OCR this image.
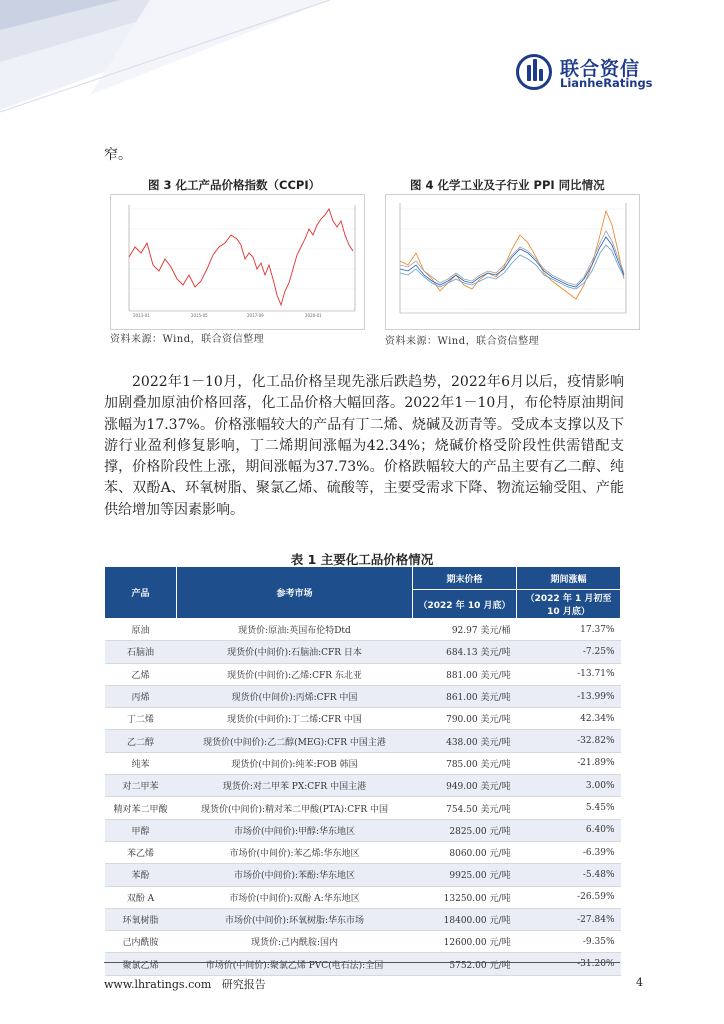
联合资信
LianheRatings
窄。
图 3 化工产品价格指数（CCPI）
2013-01	2015-05	2017-09	2020-01
资料来源：Wind，联合资信整理
图 4 化学工业及子行业 PPI 同比情况
资料来源：Wind，联合资信整理
2022年1－10月，化工品价格呈现先涨后跌趋势，2022年6月以后，疫情影响加剧叠加原油价格回落，化工品价格大幅回落。2022年1－10月，布伦特原油期间涨幅为17.37%。价格涨幅较大的产品有丁二烯、烧碱及沥青等。受成本支撑以及下游行业盈利修复影响，丁二烯期间涨幅为42.34%；烧碱价格受阶段性供需错配支撑，价格阶段性上涨，期间涨幅为37.73%。价格跌幅较大的产品主要有乙二醇、纯苯、双酚A、环氧树脂、聚氯乙烯、硫酸等，主要受需求下降、物流运输受阻、产能供给增加等因素影响。
表 1 主要化工品价格情况
产品	参考市场	期末价格	期间涨幅
		（2022 年 10 月底）	（2022 年 1 月初至 10 月底）
原油	现货价:原油:英国布伦特Dtd	92.97 美元/桶	17.37%
石脑油	现货价(中间价):石脑油:CFR 日本	684.13 美元/吨	-7.25%
乙烯	现货价(中间价):乙烯:CFR 东北亚	881.00 美元/吨	-13.71%
丙烯	现货价(中间价):丙烯:CFR 中国	861.00 美元/吨	-13.99%
丁二烯	现货价(中间价):丁二烯:CFR 中国	790.00 美元/吨	42.34%
乙二醇	现货价(中间价):乙二醇(MEG):CFR 中国主港	438.00 美元/吨	-32.82%
纯苯	现货价(中间价):纯苯:FOB 韩国	785.00 美元/吨	-21.89%
对二甲苯	现货价:对二甲苯 PX:CFR 中国主港	949.00 美元/吨	3.00%
精对苯二甲酸	现货价(中间价):精对苯二甲酸(PTA):CFR 中国	754.50 美元/吨	5.45%
甲醇	市场价(中间价):甲醇:华东地区	2825.00 元/吨	6.40%
苯乙烯	市场价(中间价):苯乙烯:华东地区	8060.00 元/吨	-6.39%
苯酚	市场价(中间价):苯酚:华东地区	9925.00 元/吨	-5.48%
双酚 A	市场价(中间价):双酚 A:华东地区	13250.00 元/吨	-26.59%
环氧树脂	市场价(中间价):环氧树脂:华东市场	18400.00 元/吨	-27.84%
己内酰胺	现货价:己内酰胺:国内	12600.00 元/吨	-9.35%
聚氯乙烯	市场价(中间价):聚氯乙烯 PVC(电石法):全国	5752.00 元/吨	-31.20%
www.lhratings.com 研究报告	4
